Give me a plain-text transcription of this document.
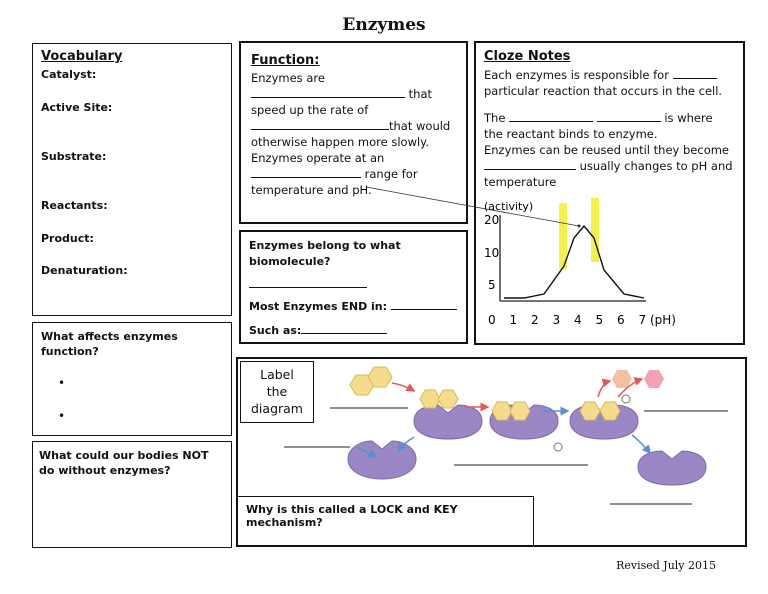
Enzymes
Vocabulary
Catalyst:
Active Site:
Substrate:
Reactants:
Product:
Denaturation:
What affects enzymes function?
•
•
What could our bodies NOT do without enzymes?
Function:
Enzymes are
that
speed up the rate of
that would
otherwise happen more slowly.
Enzymes operate at an
range for
temperature and pH.
Enzymes belong to what biomolecule?
Most Enzymes END in:
Such as:
Cloze Notes
Each enzymes is responsible for
particular reaction that occurs in the cell.
The	is where
the reactant binds to enzyme.
Enzymes can be reused until they become
usually changes to pH and
temperature
(activity)
20
10
5
0 1 2 3 4 5 6 7 (pH)
Label the diagram
Why is this called a LOCK and KEY mechanism?
Revised July 2015
